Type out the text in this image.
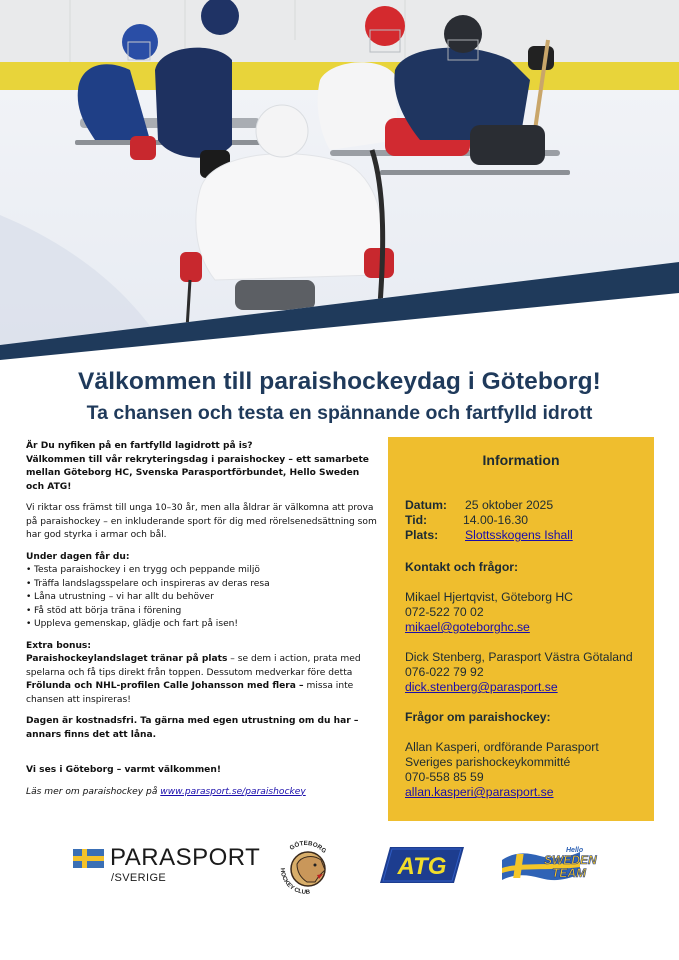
Välkommen till paraishockeydag i Göteborg!
Ta chansen och testa en spännande och fartfylld idrott

Är Du nyfiken på en fartfylld lagidrott på is?

Välkommen till vår rekryteringsdag i paraishockey – ett samarbete mellan Göteborg HC, Svenska Parasportförbundet, Hello Sweden och ATG!

Vi riktar oss främst till unga 10–30 år, men alla åldrar är välkomna att prova på paraishockey – en inkluderande sport för dig med rörelsenedsättning som har god styrka i armar och bål.

Under dagen får du:

• Testa paraishockey i en trygg och peppande miljö
• Träffa landslagsspelare och inspireras av deras resa
• Låna utrustning – vi har allt du behöver
• Få stöd att börja träna i förening
• Uppleva gemenskap, glädje och fart på isen!

Extra bonus:

Paraishockeylandslaget tränar på plats – se dem i action, prata med spelarna och få tips direkt från toppen. Dessutom medverkar före detta Frölunda och NHL-profilen Calle Johansson med flera – missa inte chansen att inspireras!

Dagen är kostnadsfri. Ta gärna med egen utrustning om du har – annars finns det att låna.

Vi ses i Göteborg – varmt välkommen!

Läs mer om paraishockey på www.parasport.se/paraishockey

Information
Datum:	25 oktober 2025
Tid:	14.00-16.30
Plats:	Slottsskogens Ishall
Kontakt och frågor:
Mikael Hjertqvist, Göteborg HC
072-522 70 02
mikael@goteborghc.se
Dick Stenberg, Parasport Västra Götaland
076-022 79 92
dick.stenberg@parasport.se
Frågor om paraishockey:
Allan Kasperi, ordförande Parasport
Sveriges parishockeykommitté
070-558 85 59
allan.kasperi@parasport.se
PARASPORT
/SVERIGE
GÖTEBORG
HOCKEY CLUB
ATG
Hello
SWEDEN
TEAM
